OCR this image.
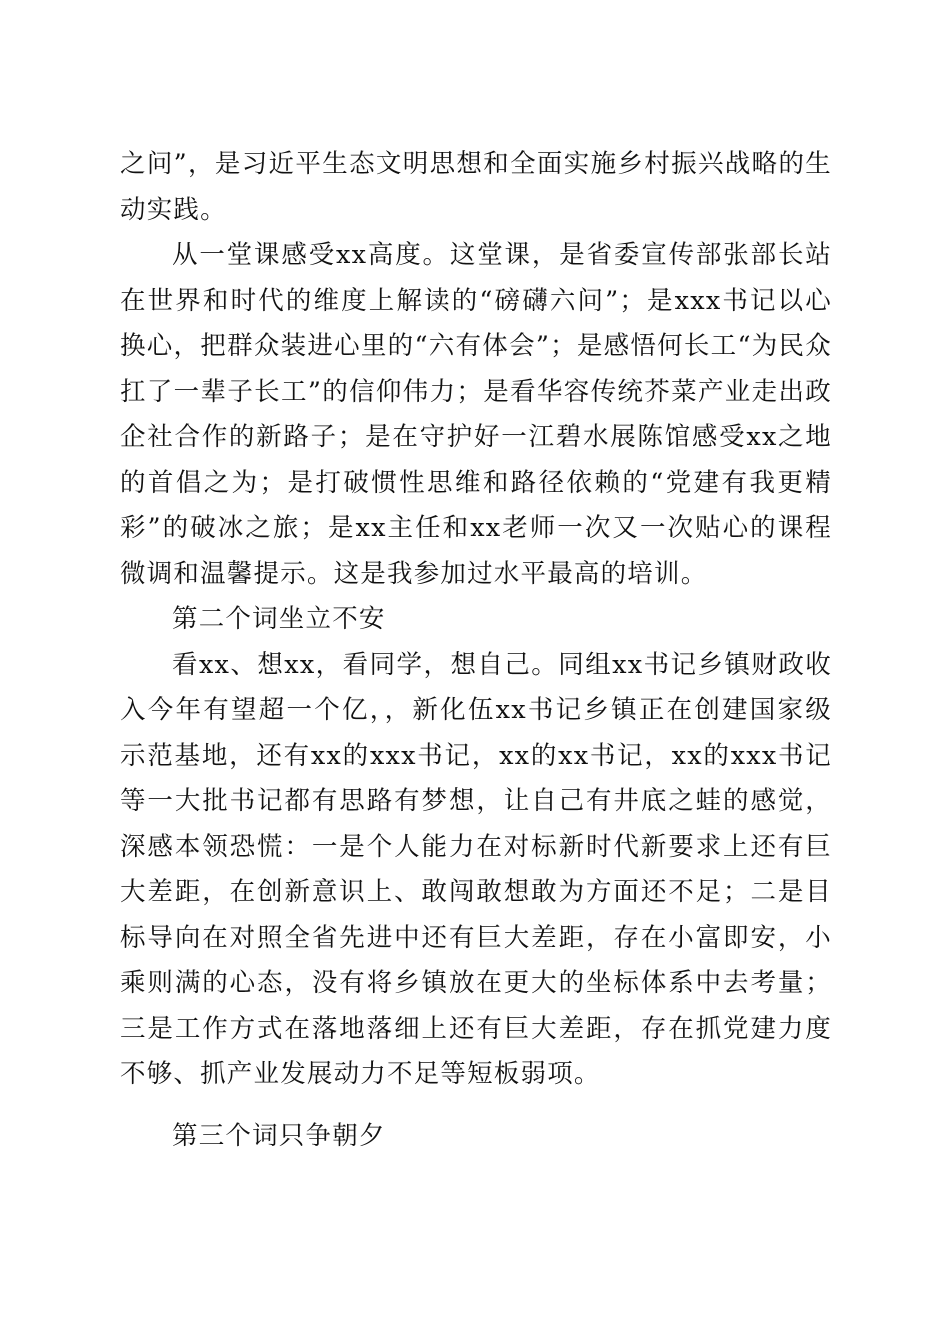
之问”，是习近平生态文明思想和全面实施乡村振兴战略的生动实践。

从一堂课感受xx高度。这堂课，是省委宣传部张部长站在世界和时代的维度上解读的“磅礴六问”；是xxx书记以心换心，把群众装进心里的“六有体会”；是感悟何长工“为民众扛了一辈子长工”的信仰伟力；是看华容传统芥菜产业走出政企社合作的新路子；是在守护好一江碧水展陈馆感受xx之地的首倡之为；是打破惯性思维和路径依赖的“党建有我更精彩”的破冰之旅；是xx主任和xx老师一次又一次贴心的课程微调和温馨提示。这是我参加过水平最高的培训。

第二个词坐立不安

看xx、想xx，看同学，想自己。同组xx书记乡镇财政收入今年有望超一个亿，，新化伍xx书记乡镇正在创建国家级示范基地，还有xx的xxx书记，xx的xx书记，xx的xxx书记等一大批书记都有思路有梦想，让自己有井底之蛙的感觉，深感本领恐慌：一是个人能力在对标新时代新要求上还有巨大差距，在创新意识上、敢闯敢想敢为方面还不足；二是目标导向在对照全省先进中还有巨大差距，存在小富即安，小乘则满的心态，没有将乡镇放在更大的坐标体系中去考量；三是工作方式在落地落细上还有巨大差距，存在抓党建力度不够、抓产业发展动力不足等短板弱项。

第三个词只争朝夕
